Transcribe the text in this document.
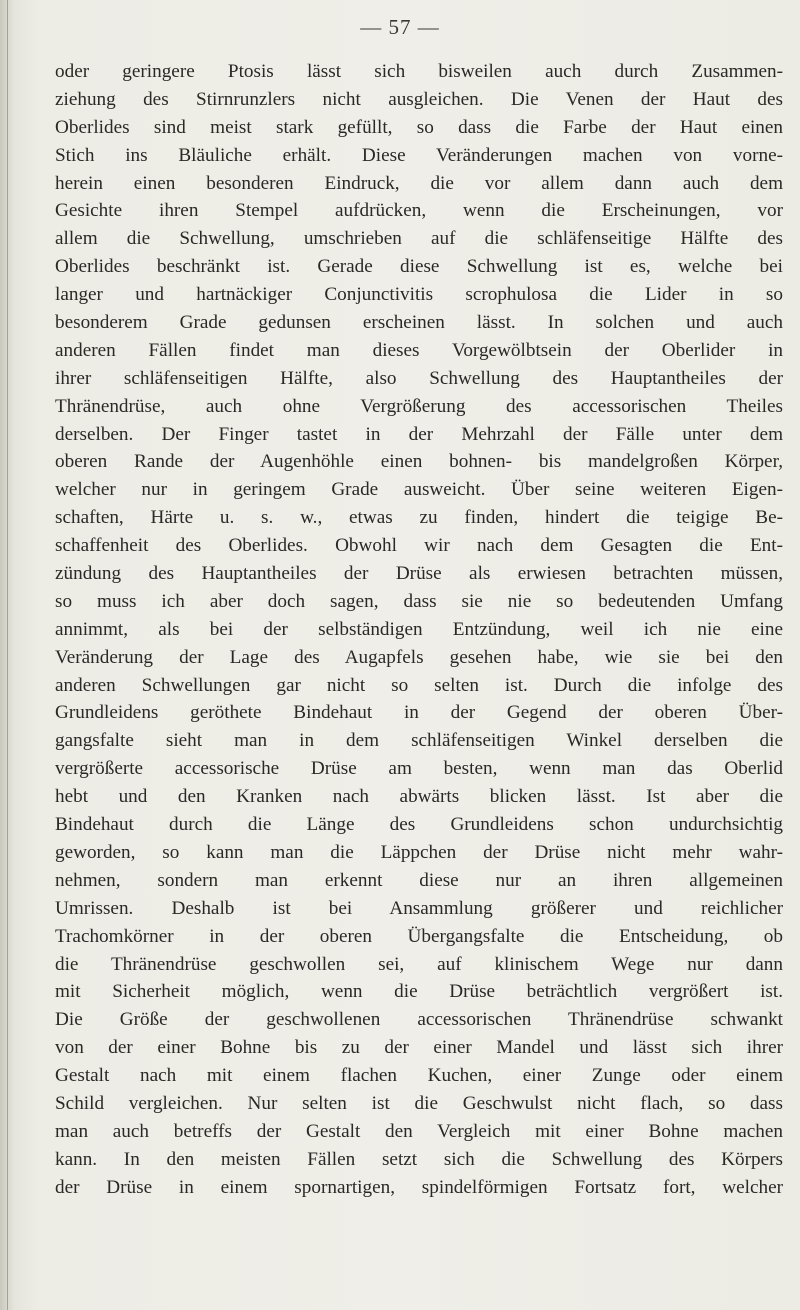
— 57 —
oder geringere Ptosis lässt sich bisweilen auch durch Zusammen-
ziehung des Stirnrunzlers nicht ausgleichen. Die Venen der Haut des
Oberlides sind meist stark gefüllt, so dass die Farbe der Haut einen
Stich ins Bläuliche erhält. Diese Veränderungen machen von vorne-
herein einen besonderen Eindruck, die vor allem dann auch dem
Gesichte ihren Stempel aufdrücken, wenn die Erscheinungen, vor
allem die Schwellung, umschrieben auf die schläfenseitige Hälfte des
Oberlides beschränkt ist. Gerade diese Schwellung ist es, welche bei
langer und hartnäckiger Conjunctivitis scrophulosa die Lider in so
besonderem Grade gedunsen erscheinen lässt. In solchen und auch
anderen Fällen findet man dieses Vorgewölbtsein der Oberlider in
ihrer schläfenseitigen Hälfte, also Schwellung des Hauptantheiles der
Thränendrüse, auch ohne Vergrößerung des accessorischen Theiles
derselben. Der Finger tastet in der Mehrzahl der Fälle unter dem
oberen Rande der Augenhöhle einen bohnen- bis mandelgroßen Körper,
welcher nur in geringem Grade ausweicht. Über seine weiteren Eigen-
schaften, Härte u. s. w., etwas zu finden, hindert die teigige Be-
schaffenheit des Oberlides. Obwohl wir nach dem Gesagten die Ent-
zündung des Hauptantheiles der Drüse als erwiesen betrachten müssen,
so muss ich aber doch sagen, dass sie nie so bedeutenden Umfang
annimmt, als bei der selbständigen Entzündung, weil ich nie eine
Veränderung der Lage des Augapfels gesehen habe, wie sie bei den
anderen Schwellungen gar nicht so selten ist. Durch die infolge des
Grundleidens geröthete Bindehaut in der Gegend der oberen Über-
gangsfalte sieht man in dem schläfenseitigen Winkel derselben die
vergrößerte accessorische Drüse am besten, wenn man das Oberlid
hebt und den Kranken nach abwärts blicken lässt. Ist aber die
Bindehaut durch die Länge des Grundleidens schon undurchsichtig
geworden, so kann man die Läppchen der Drüse nicht mehr wahr-
nehmen, sondern man erkennt diese nur an ihren allgemeinen
Umrissen. Deshalb ist bei Ansammlung größerer und reichlicher
Trachomkörner in der oberen Übergangsfalte die Entscheidung, ob
die Thränendrüse geschwollen sei, auf klinischem Wege nur dann
mit Sicherheit möglich, wenn die Drüse beträchtlich vergrößert ist.
Die Größe der geschwollenen accessorischen Thränendrüse schwankt
von der einer Bohne bis zu der einer Mandel und lässt sich ihrer
Gestalt nach mit einem flachen Kuchen, einer Zunge oder einem
Schild vergleichen. Nur selten ist die Geschwulst nicht flach, so dass
man auch betreffs der Gestalt den Vergleich mit einer Bohne machen
kann. In den meisten Fällen setzt sich die Schwellung des Körpers
der Drüse in einem spornartigen, spindelförmigen Fortsatz fort, welcher
